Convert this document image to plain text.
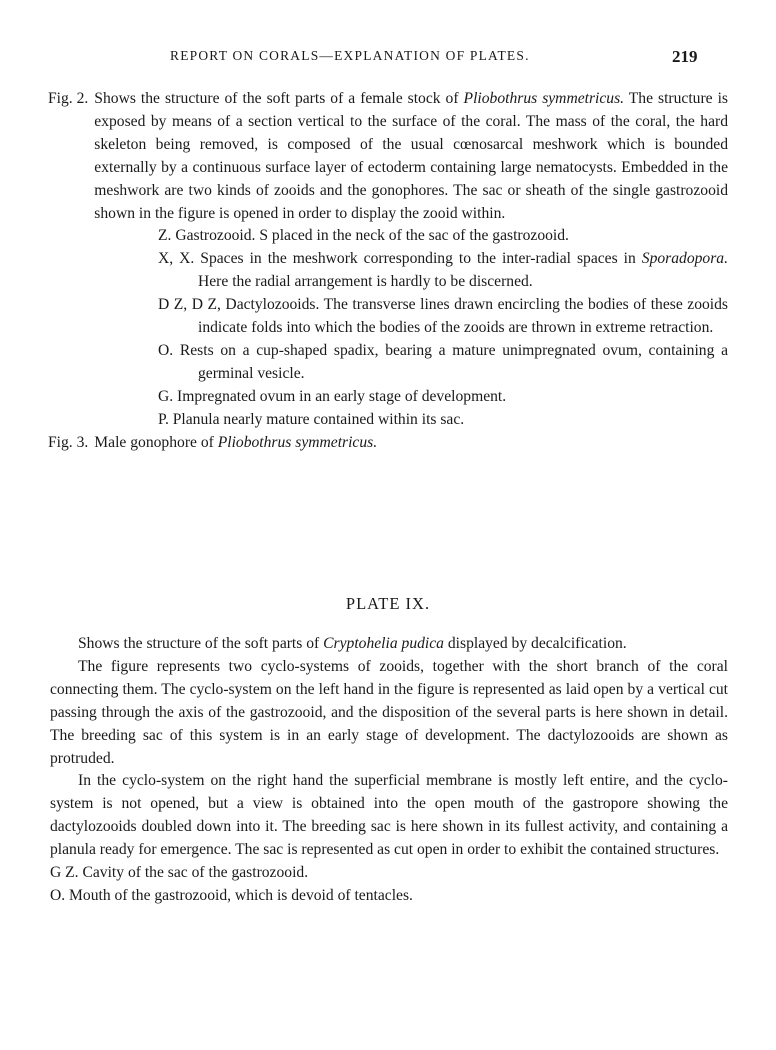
REPORT ON CORALS—EXPLANATION OF PLATES.	219
Fig. 2. Shows the structure of the soft parts of a female stock of Pliobothrus symmetricus. The structure is exposed by means of a section vertical to the surface of the coral. The mass of the coral, the hard skeleton being removed, is composed of the usual cœnosarcal meshwork which is bounded externally by a continuous surface layer of ectoderm containing large nematocysts. Embedded in the meshwork are two kinds of zooids and the gonophores. The sac or sheath of the single gastrozooid shown in the figure is opened in order to display the zooid within.
Z. Gastrozooid. S placed in the neck of the sac of the gastrozooid.
X, X. Spaces in the meshwork corresponding to the inter-radial spaces in Sporadopora. Here the radial arrangement is hardly to be discerned.
D Z, D Z, Dactylozooids. The transverse lines drawn encircling the bodies of these zooids indicate folds into which the bodies of the zooids are thrown in extreme retraction.
O. Rests on a cup-shaped spadix, bearing a mature unimpregnated ovum, containing a germinal vesicle.
G. Impregnated ovum in an early stage of development.
P. Planula nearly mature contained within its sac.
Fig. 3. Male gonophore of Pliobothrus symmetricus.
PLATE IX.

Shows the structure of the soft parts of Cryptohelia pudica displayed by decalcification.

The figure represents two cyclo-systems of zooids, together with the short branch of the coral connecting them. The cyclo-system on the left hand in the figure is represented as laid open by a vertical cut passing through the axis of the gastrozooid, and the disposition of the several parts is here shown in detail. The breeding sac of this system is in an early stage of development. The dactylozooids are shown as protruded.

In the cyclo-system on the right hand the superficial membrane is mostly left entire, and the cyclo-system is not opened, but a view is obtained into the open mouth of the gastropore showing the dactylozooids doubled down into it. The breeding sac is here shown in its fullest activity, and containing a planula ready for emergence. The sac is represented as cut open in order to exhibit the contained structures.

G Z. Cavity of the sac of the gastrozooid.

O. Mouth of the gastrozooid, which is devoid of tentacles.
